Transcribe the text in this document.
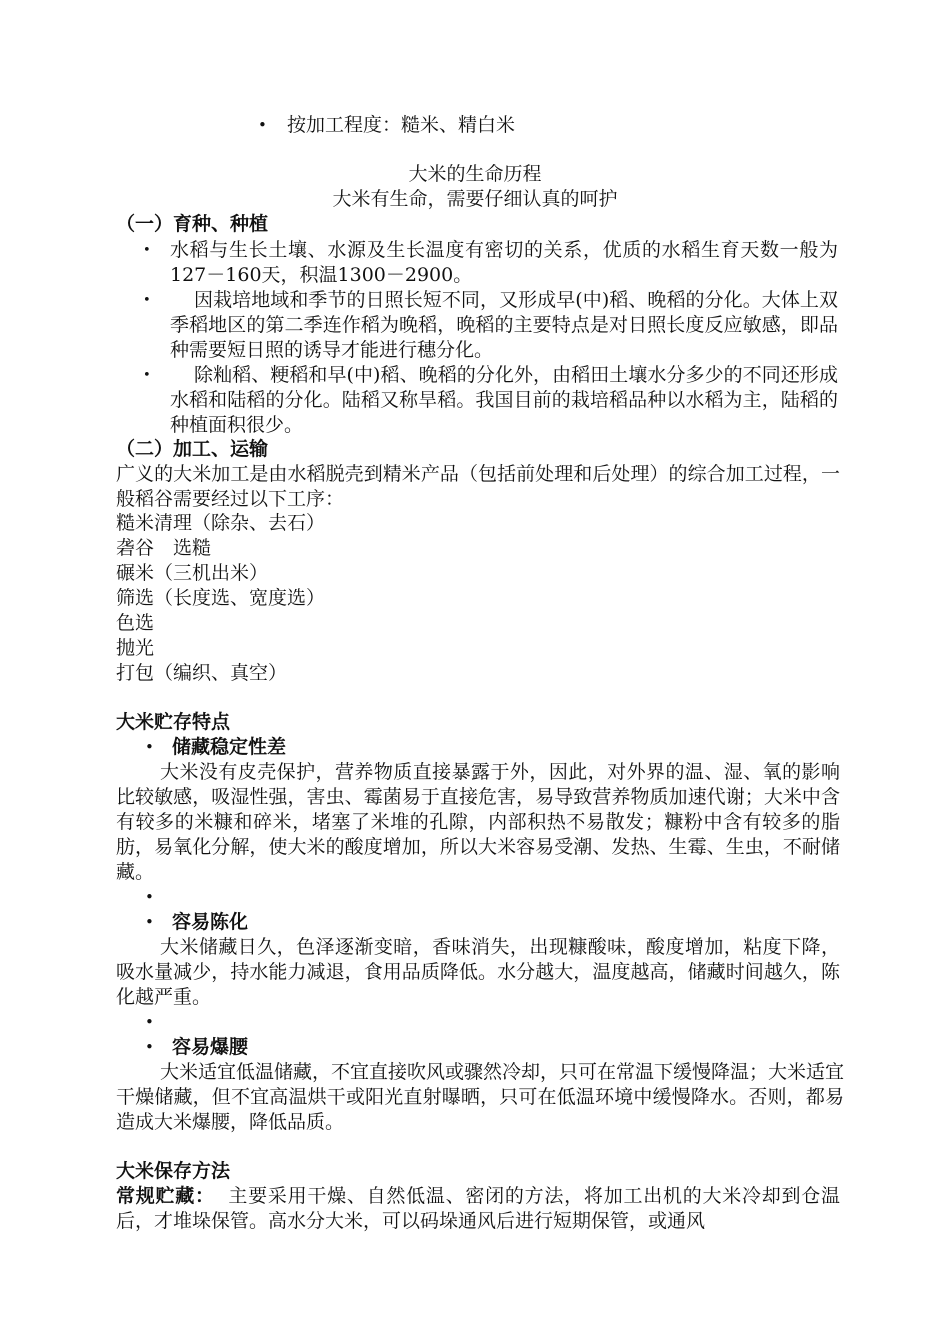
• 按加工程度：糙米、精白米

大米的生命历程

大米有生命，需要仔细认真的呵护

（一）育种、种植

• 水稻与生长土壤、水源及生长温度有密切的关系，优质的水稻生育天数一般为127－160天，积温1300－2900。

•	因栽培地域和季节的日照长短不同，又形成早(中)稻、晚稻的分化。大体上双季稻地区的第二季连作稻为晚稻，晚稻的主要特点是对日照长度反应敏感，即品种需要短日照的诱导才能进行穗分化。

•	除籼稻、粳稻和早(中)稻、晚稻的分化外，由稻田土壤水分多少的不同还形成水稻和陆稻的分化。陆稻又称旱稻。我国目前的栽培稻品种以水稻为主，陆稻的种植面积很少。

（二）加工、运输

广义的大米加工是由水稻脱壳到精米产品（包括前处理和后处理）的综合加工过程，一般稻谷需要经过以下工序：

糙米清理（除杂、去石）

砻谷　选糙

碾米（三机出米）

筛选（长度选、宽度选）

色选

抛光

打包（编织、真空）

大米贮存特点

• 储藏稳定性差

大米没有皮壳保护，营养物质直接暴露于外，因此，对外界的温、湿、氧的影响比较敏感，吸湿性强，害虫、霉菌易于直接危害，易导致营养物质加速代谢；大米中含有较多的米糠和碎米，堵塞了米堆的孔隙，内部积热不易散发；糠粉中含有较多的脂肪，易氧化分解，使大米的酸度增加，所以大米容易受潮、发热、生霉、生虫，不耐储藏。

•
• 容易陈化

大米储藏日久，色泽逐渐变暗，香味消失，出现糠酸味，酸度增加，粘度下降，吸水量减少，持水能力减退，食用品质降低。水分越大，温度越高，储藏时间越久，陈化越严重。

•
• 容易爆腰

大米适宜低温储藏，不宜直接吹风或骤然冷却，只可在常温下缓慢降温；大米适宜干燥储藏，但不宜高温烘干或阳光直射曝晒，只可在低温环境中缓慢降水。否则，都易造成大米爆腰，降低品质。

大米保存方法

常规贮藏： 主要采用干燥、自然低温、密闭的方法，将加工出机的大米冷却到仓温后，才堆垛保管。高水分大米，可以码垛通风后进行短期保管，或通风
